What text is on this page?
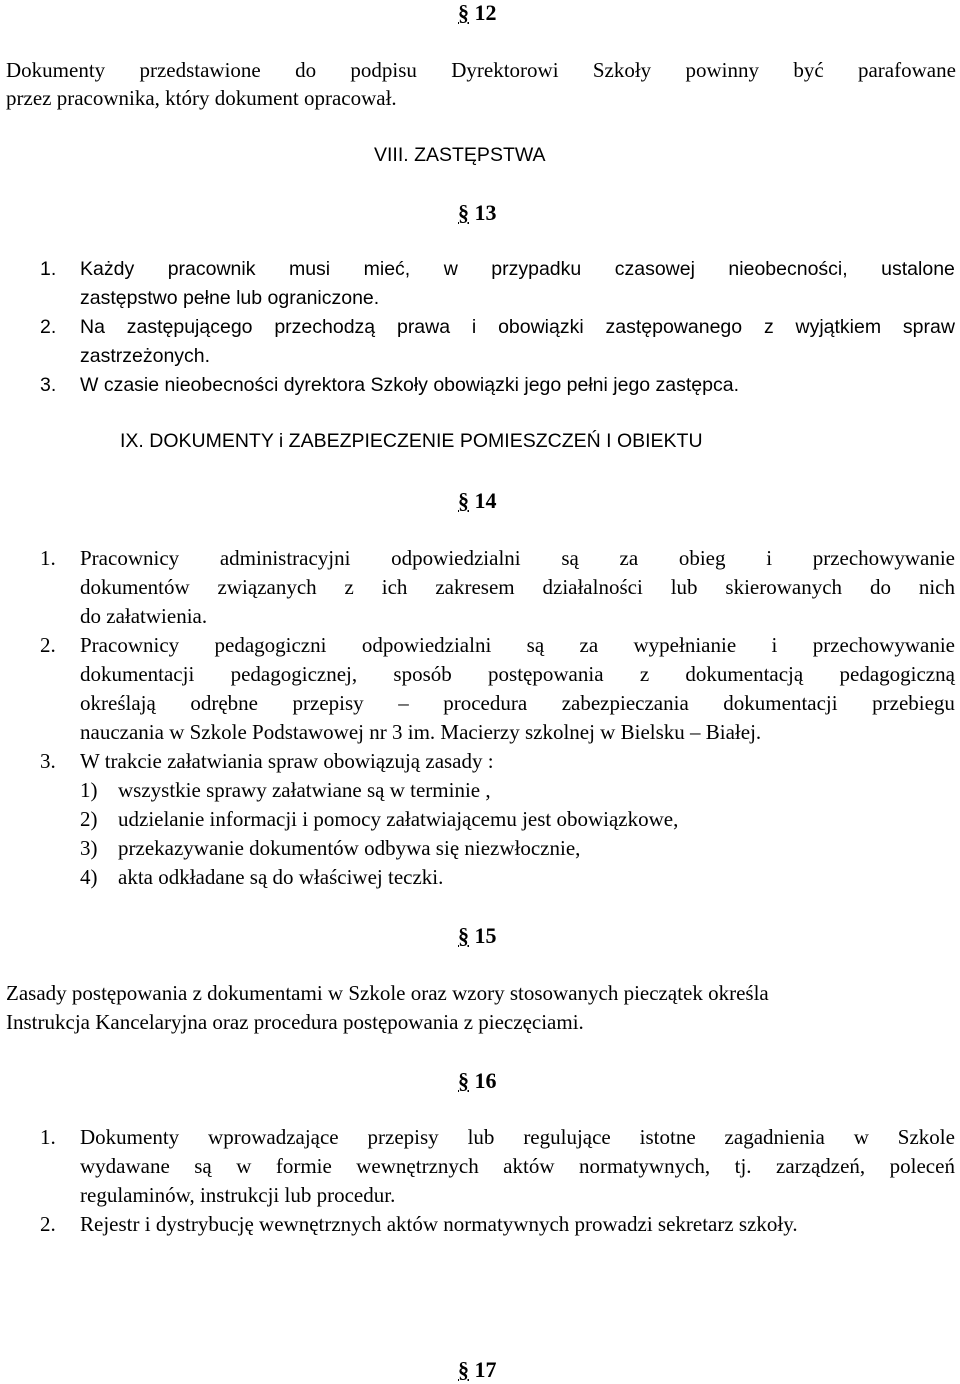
§ 12
Dokumenty przedstawione do podpisu Dyrektorowi Szkoły powinny być parafowane
przez pracownika, który dokument opracował.
VIII. ZASTĘPSTWA
§ 13
1. Każdy pracownik musi mieć, w przypadku czasowej nieobecności, ustalone
zastępstwo pełne lub ograniczone.
2. Na zastępującego przechodzą prawa i obowiązki zastępowanego z wyjątkiem spraw
zastrzeżonych.
3. W czasie nieobecności dyrektora Szkoły obowiązki jego pełni jego zastępca.
IX. DOKUMENTY i ZABEZPIECZENIE POMIESZCZEŃ I OBIEKTU
§ 14
1. Pracownicy administracyjni odpowiedzialni są za obieg i przechowywanie
dokumentów związanych z ich zakresem działalności lub skierowanych do nich
do załatwienia.
2. Pracownicy pedagogiczni odpowiedzialni są za wypełnianie i przechowywanie
dokumentacji pedagogicznej, sposób postępowania z dokumentacją pedagogiczną
określają odrębne przepisy – procedura zabezpieczania dokumentacji przebiegu
nauczania w Szkole Podstawowej nr 3 im. Macierzy szkolnej w Bielsku – Białej.
3. W trakcie załatwiania spraw obowiązują zasady :
1) wszystkie sprawy załatwiane są w terminie ,
2) udzielanie informacji i pomocy załatwiającemu jest obowiązkowe,
3) przekazywanie dokumentów odbywa się niezwłocznie,
4) akta odkładane są do właściwej teczki.
§ 15
Zasady postępowania z dokumentami w Szkole oraz wzory stosowanych pieczątek określa
Instrukcja Kancelaryjna oraz procedura postępowania z pieczęciami.
§ 16
1. Dokumenty wprowadzające przepisy lub regulujące istotne zagadnienia w Szkole
wydawane są w formie wewnętrznych aktów normatywnych, tj. zarządzeń, poleceń
regulaminów, instrukcji lub procedur.
2. Rejestr i dystrybucję wewnętrznych aktów normatywnych prowadzi sekretarz szkoły.
§ 17
